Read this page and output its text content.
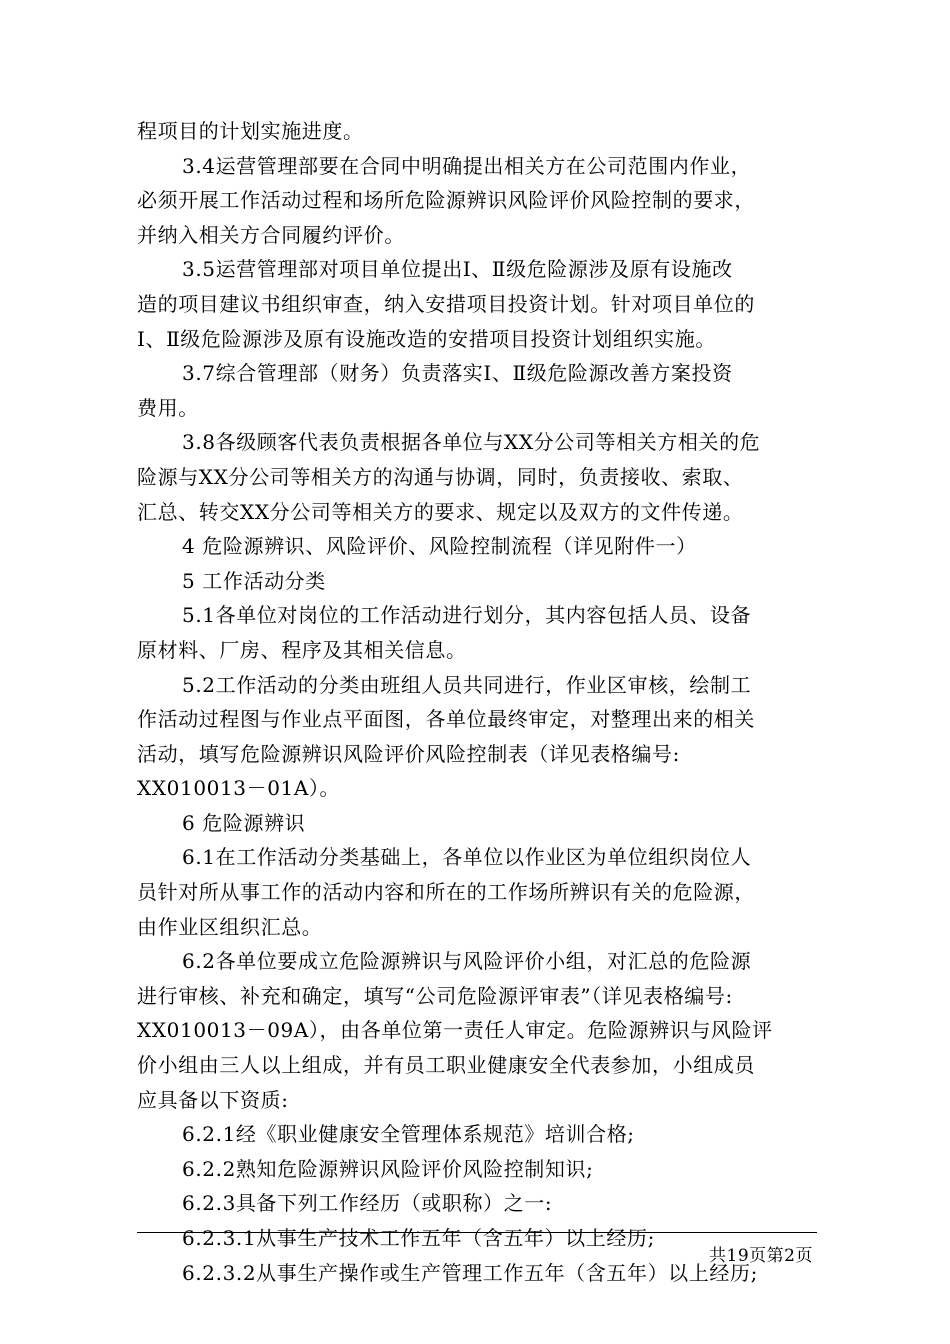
程项目的计划实施进度。

3.4运营管理部要在合同中明确提出相关方在公司范围内作业，

必须开展工作活动过程和场所危险源辨识风险评价风险控制的要求，

并纳入相关方合同履约评价。

3.5运营管理部对项目单位提出Ⅰ、Ⅱ级危险源涉及原有设施改

造的项目建议书组织审查，纳入安措项目投资计划。针对项目单位的

Ⅰ、Ⅱ级危险源涉及原有设施改造的安措项目投资计划组织实施。

3.7综合管理部（财务）负责落实Ⅰ、Ⅱ级危险源改善方案投资

费用。

3.8各级顾客代表负责根据各单位与XX分公司等相关方相关的危

险源与XX分公司等相关方的沟通与协调，同时，负责接收、索取、

汇总、转交XX分公司等相关方的要求、规定以及双方的文件传递。

4 危险源辨识、风险评价、风险控制流程（详见附件一）

5 工作活动分类

5.1各单位对岗位的工作活动进行划分，其内容包括人员、设备

原材料、厂房、程序及其相关信息。

5.2工作活动的分类由班组人员共同进行，作业区审核，绘制工

作活动过程图与作业点平面图，各单位最终审定，对整理出来的相关

活动，填写危险源辨识风险评价风险控制表（详见表格编号:

XX010013－01A）。

6 危险源辨识

6.1在工作活动分类基础上，各单位以作业区为单位组织岗位人

员针对所从事工作的活动内容和所在的工作场所辨识有关的危险源，

由作业区组织汇总。

6.2各单位要成立危险源辨识与风险评价小组，对汇总的危险源

进行审核、补充和确定，填写“公司危险源评审表”（详见表格编号:

XX010013－09A），由各单位第一责任人审定。危险源辨识与风险评

价小组由三人以上组成，并有员工职业健康安全代表参加，小组成员

应具备以下资质:

6.2.1经《职业健康安全管理体系规范》培训合格;

6.2.2熟知危险源辨识风险评价风险控制知识;

6.2.3具备下列工作经历（或职称）之一:

6.2.3.1从事生产技术工作五年（含五年）以上经历;

6.2.3.2从事生产操作或生产管理工作五年（含五年）以上经历;

共19页第2页
